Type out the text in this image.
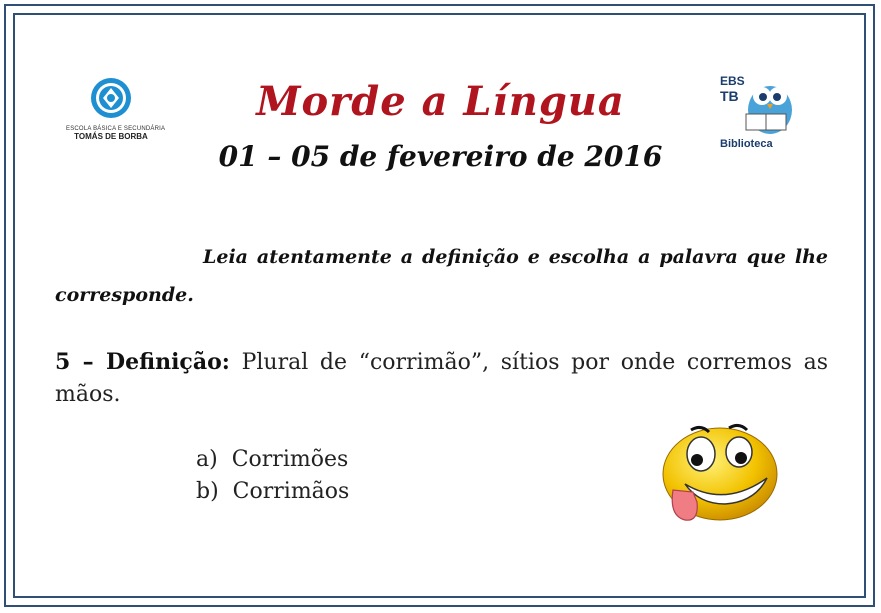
ESCOLA BÁSICA E SECUNDÁRIA
TOMÁS DE BORBA
EBS
TB
Biblioteca
Morde a Língua
01 – 05 de fevereiro de 2016
Leia atentamente a definição e escolha a palavra que lhe corresponde.
5 – Definição: Plural de “corrimão”, sítios por onde corremos as mãos.
a) Corrimões
b) Corrimãos
